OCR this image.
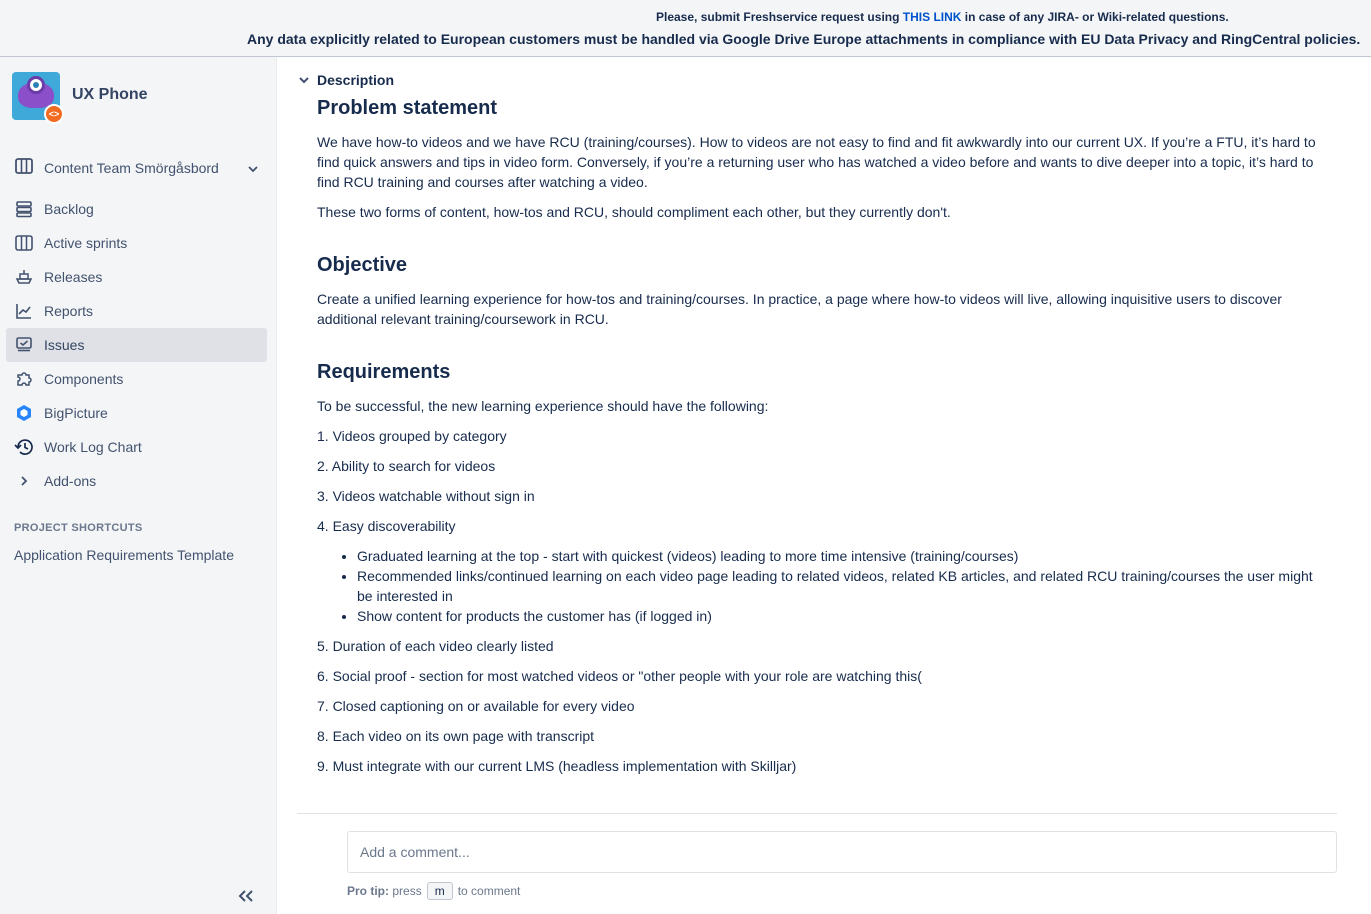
Please, submit Freshservice request using THIS LINK in case of any JIRA- or Wiki-related questions.
Any data explicitly related to European customers must be handled via Google Drive Europe attachments in compliance with EU Data Privacy and RingCentral policies.
<>
UX Phone
Content Team Smörgåsbord
Backlog
Active sprints
Releases
Reports
Issues
Components
BigPicture
Work Log Chart
Add-ons
PROJECT SHORTCUTS
Application Requirements Template
Description
Problem statement

We have how-to videos and we have RCU (training/courses). How to videos are not easy to find and fit awkwardly into our current UX. If you’re a FTU, it’s hard to find quick answers and tips in video form. Conversely, if you’re a returning user who has watched a video before and wants to dive deeper into a topic, it’s hard to find RCU training and courses after watching a video.

These two forms of content, how-tos and RCU, should compliment each other, but they currently don't.

Objective

Create a unified learning experience for how-tos and training/courses. In practice, a page where how-to videos will live, allowing inquisitive users to discover additional relevant training/coursework in RCU.

Requirements

To be successful, the new learning experience should have the following:

1. Videos grouped by category

2. Ability to search for videos

3. Videos watchable without sign in

4. Easy discoverability

• Graduated learning at the top - start with quickest (videos) leading to more time intensive (training/courses)
• Recommended links/continued learning on each video page leading to related videos, related KB articles, and related RCU training/courses the user might be interested in
• Show content for products the customer has (if logged in)

5. Duration of each video clearly listed

6. Social proof - section for most watched videos or "other people with your role are watching this(

7. Closed captioning on or available for every video

8. Each video on its own page with transcript

9. Must integrate with our current LMS (headless implementation with Skilljar)

Add a comment...
Pro tip:
press	m	to comment
